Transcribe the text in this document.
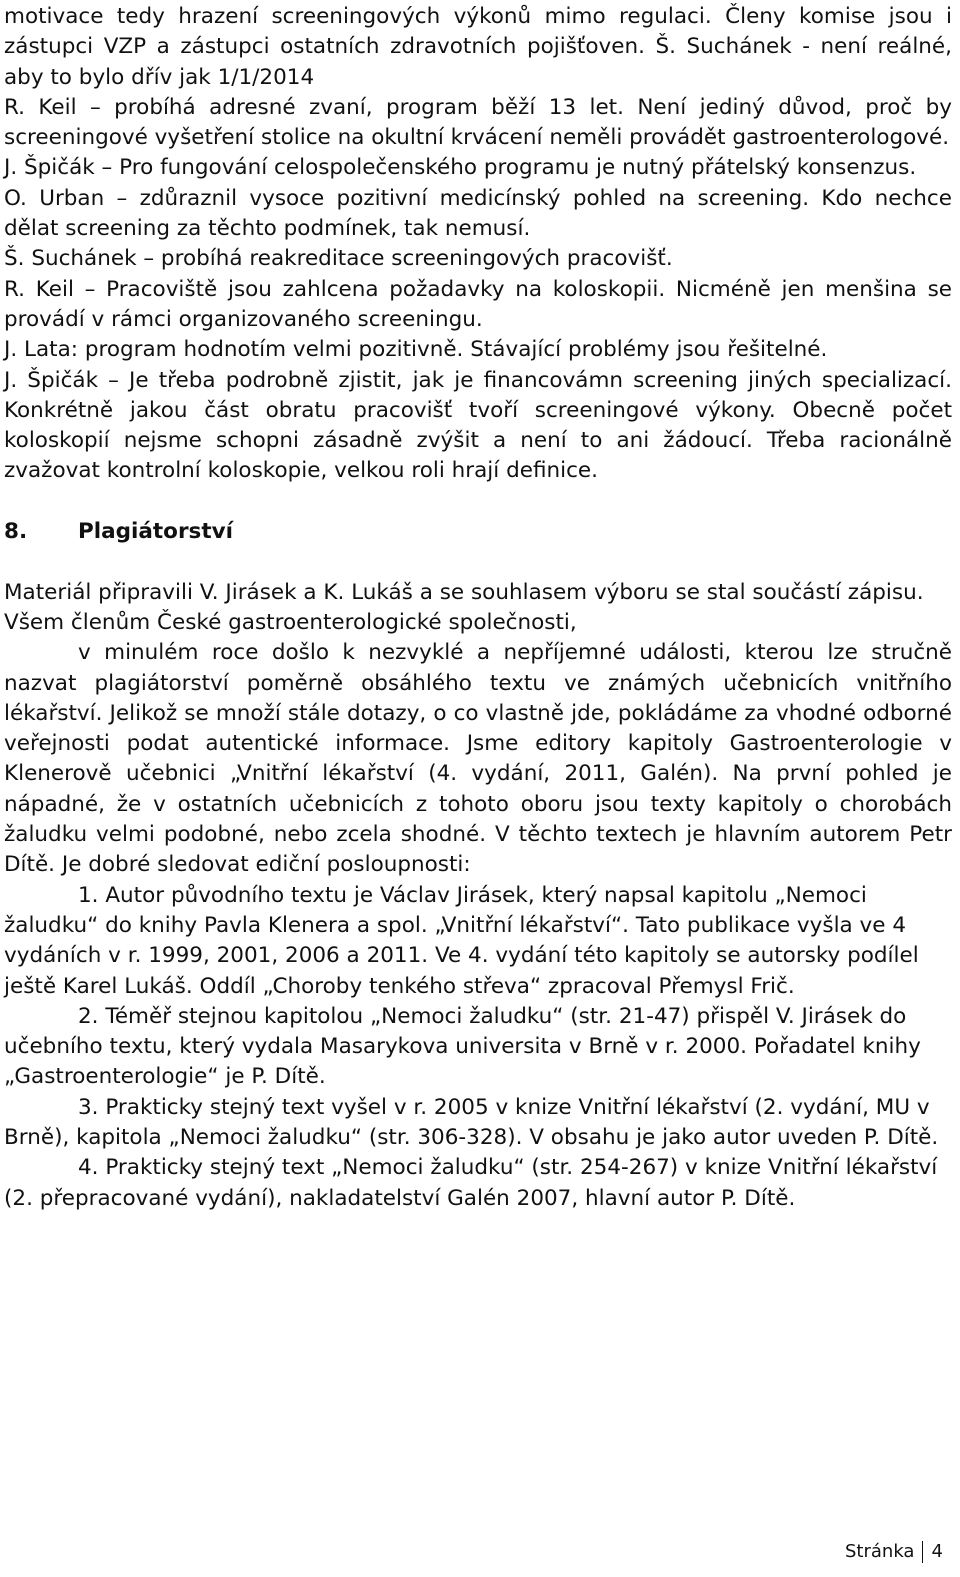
motivace tedy hrazení screeningových výkonů mimo regulaci. Členy komise jsou i zástupci VZP a zástupci ostatních zdravotních pojišťoven. Š. Suchánek - není reálné, aby to bylo dřív jak 1/1/2014

R. Keil – probíhá adresné zvaní, program běží 13 let. Není jediný důvod, proč by screeningové vyšetření stolice na okultní krvácení neměli provádět gastroenterologové.

J. Špičák – Pro fungování celospolečenského programu je nutný přátelský konsenzus.

O. Urban – zdůraznil vysoce pozitivní medicínský pohled na screening. Kdo nechce dělat screening za těchto podmínek, tak nemusí.

Š. Suchánek – probíhá reakreditace screeningových pracovišť.

R. Keil – Pracoviště jsou zahlcena požadavky na koloskopii. Nicméně jen menšina se provádí v rámci organizovaného screeningu.

J. Lata: program hodnotím velmi pozitivně. Stávající problémy jsou řešitelné.

J. Špičák – Je třeba podrobně zjistit, jak je financovámn screening jiných specializací. Konkrétně jakou část obratu pracovišť tvoří screeningové výkony. Obecně počet koloskopií nejsme schopni zásadně zvýšit a není to ani žádoucí. Třeba racionálně zvažovat kontrolní koloskopie, velkou roli hrají definice.

8.	Plagiátorství

Materiál připravili V. Jirásek a K. Lukáš a se souhlasem výboru se stal součástí zápisu.

Všem členům České gastroenterologické společnosti,

v minulém roce došlo k nezvyklé a nepříjemné události, kterou lze stručně nazvat plagiátorství poměrně obsáhlého textu ve známých učebnicích vnitřního lékařství. Jelikož se množí stále dotazy, o co vlastně jde, pokládáme za vhodné odborné veřejnosti podat autentické informace. Jsme editory kapitoly Gastroenterologie v Klenerově učebnici „Vnitřní lékařství (4. vydání, 2011, Galén). Na první pohled je nápadné, že v ostatních učebnicích z tohoto oboru jsou texty kapitoly o chorobách žaludku velmi podobné, nebo zcela shodné. V těchto textech je hlavním autorem Petr Dítě. Je dobré sledovat ediční posloupnosti:

1. Autor původního textu je Václav Jirásek, který napsal kapitolu „Nemoci žaludku“ do knihy Pavla Klenera a spol. „Vnitřní lékařství“. Tato publikace vyšla ve 4 vydáních v r. 1999, 2001, 2006 a 2011. Ve 4. vydání této kapitoly se autorsky podílel ještě Karel Lukáš. Oddíl „Choroby tenkého střeva“ zpracoval Přemysl Frič.

2. Téměř stejnou kapitolou „Nemoci žaludku“ (str. 21-47) přispěl V. Jirásek do učebního textu, který vydala Masarykova universita v Brně v r. 2000. Pořadatel knihy „Gastroenterologie“ je P. Dítě.

3. Prakticky stejný text vyšel v r. 2005 v knize Vnitřní lékařství (2. vydání, MU v Brně), kapitola „Nemoci žaludku“ (str. 306-328). V obsahu je jako autor uveden P. Dítě.

4. Prakticky stejný text „Nemoci žaludku“ (str. 254-267) v knize Vnitřní lékařství (2. přepracované vydání), nakladatelství Galén 2007, hlavní autor P. Dítě.

Stránka 4
